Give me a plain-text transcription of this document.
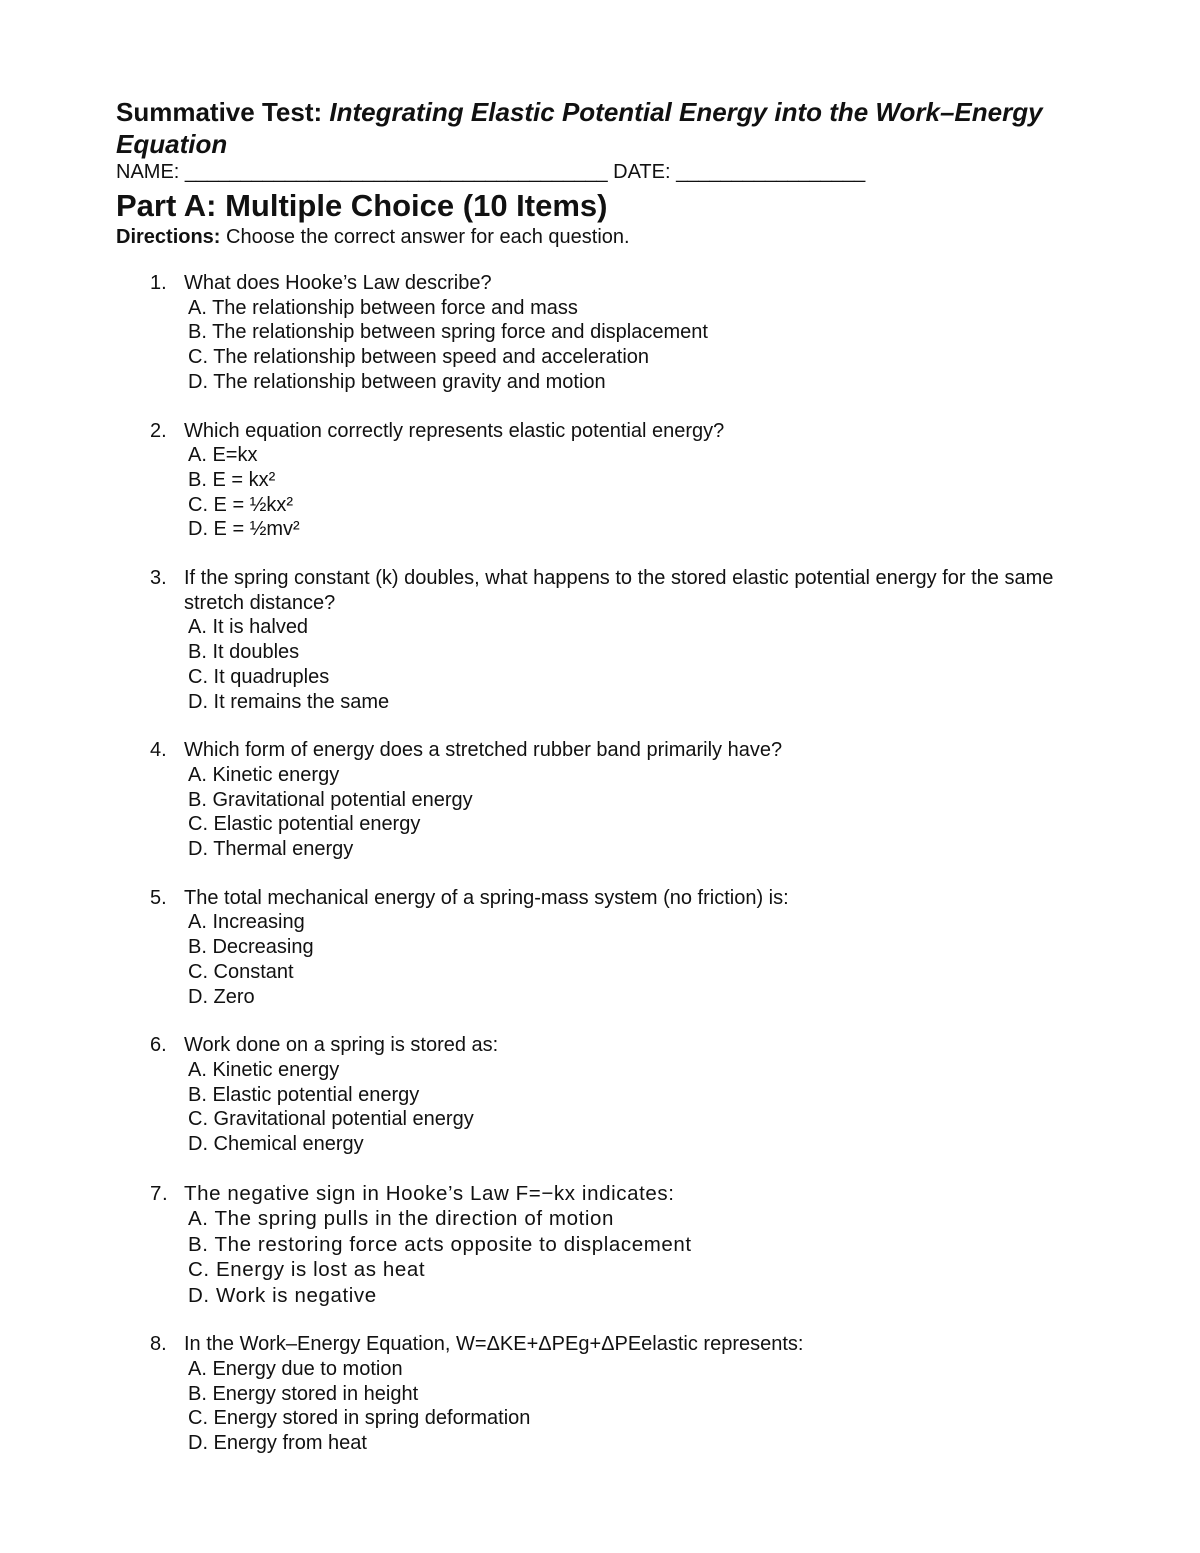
Summative Test: Integrating Elastic Potential Energy into the Work–Energy Equation

NAME: ______________________________________ DATE: _________________

Part A: Multiple Choice (10 Items)

Directions: Choose the correct answer for each question.

1. What does Hooke’s Law describe?
A. The relationship between force and mass
B. The relationship between spring force and displacement
C. The relationship between speed and acceleration
D. The relationship between gravity and motion
2. Which equation correctly represents elastic potential energy?
A. E=kx
B. E = kx²
C. E = ½kx²
D. E = ½mv²
3. If the spring constant (k) doubles, what happens to the stored elastic potential energy for the same stretch distance?
A. It is halved
B. It doubles
C. It quadruples
D. It remains the same
4. Which form of energy does a stretched rubber band primarily have?
A. Kinetic energy
B. Gravitational potential energy
C. Elastic potential energy
D. Thermal energy
5. The total mechanical energy of a spring-mass system (no friction) is:
A. Increasing
B. Decreasing
C. Constant
D. Zero
6. Work done on a spring is stored as:
A. Kinetic energy
B. Elastic potential energy
C. Gravitational potential energy
D. Chemical energy
7. The negative sign in Hooke’s Law F=−kx indicates:
A. The spring pulls in the direction of motion
B. The restoring force acts opposite to displacement
C. Energy is lost as heat
D. Work is negative
8. In the Work–Energy Equation, W=ΔKE+ΔPEg+ΔPEelastic represents:
A. Energy due to motion
B. Energy stored in height
C. Energy stored in spring deformation
D. Energy from heat
